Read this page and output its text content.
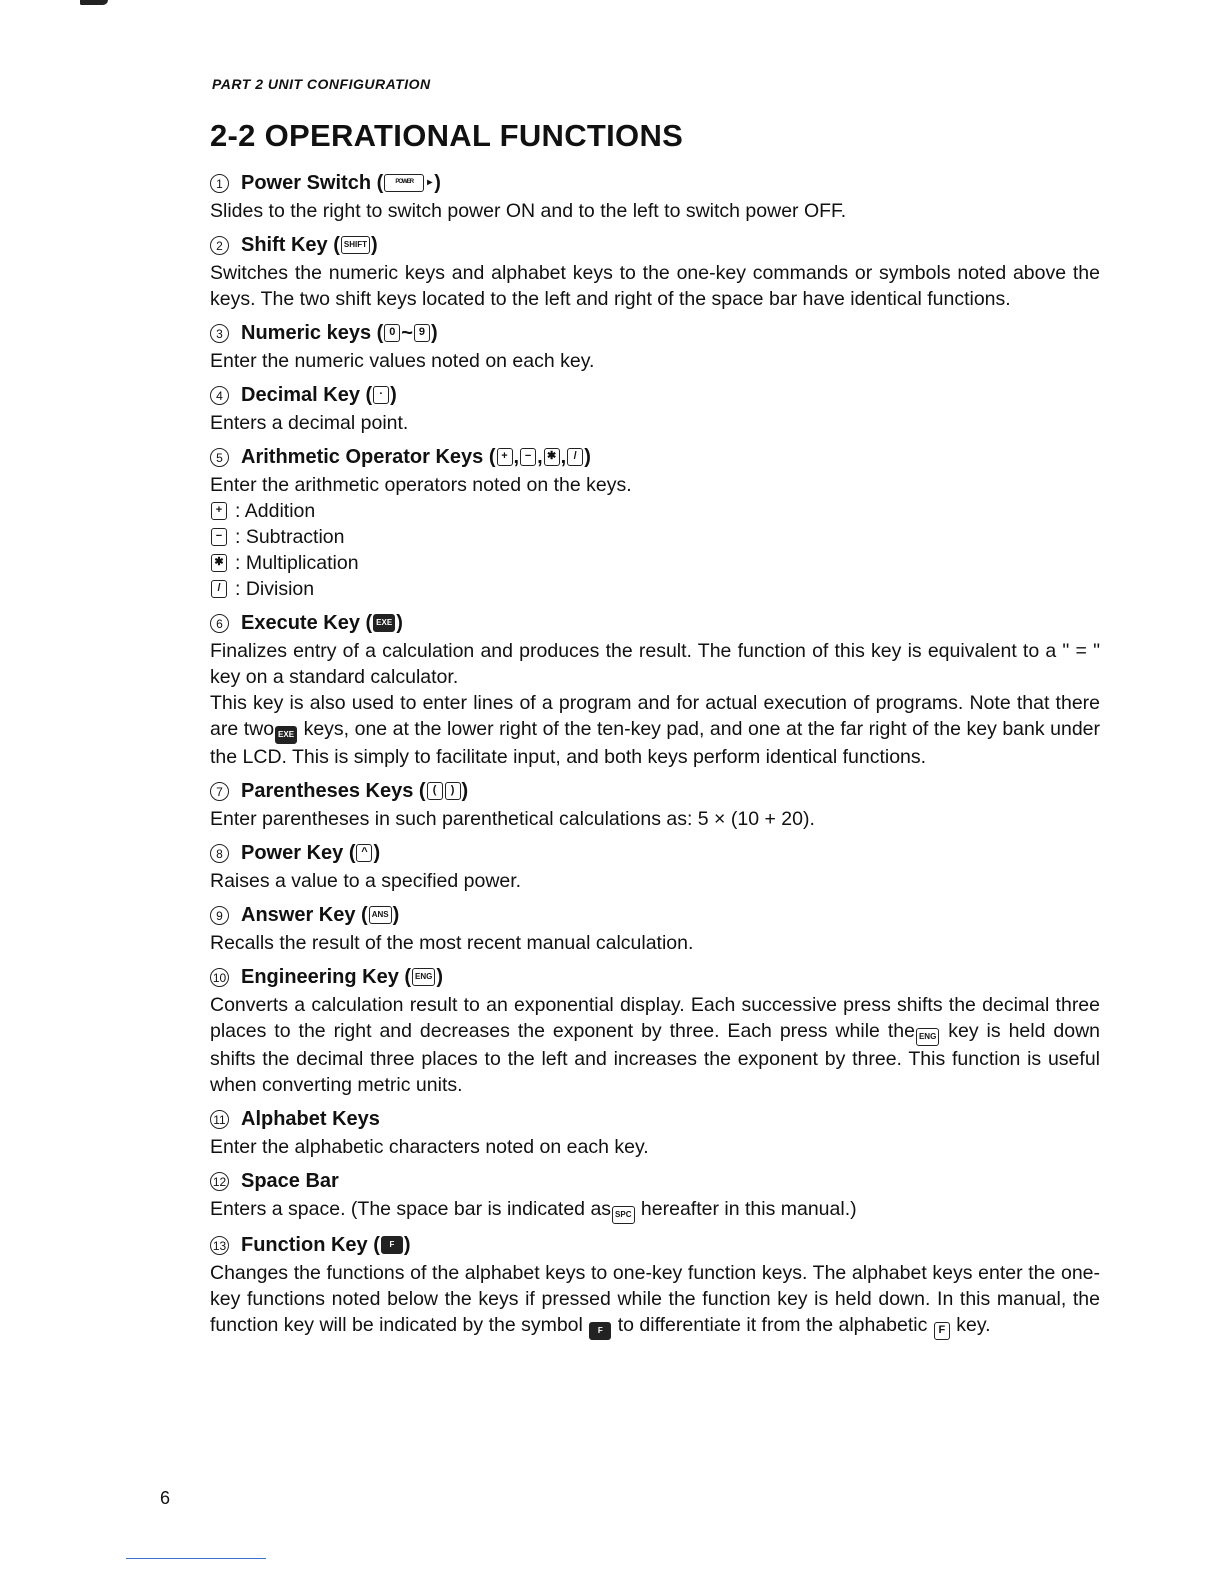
PART 2 UNIT CONFIGURATION
2-2 OPERATIONAL FUNCTIONS
1 Power Switch (	POWER	▸ )

Slides to the right to switch power ON and to the left to switch power OFF.

2 Shift Key ( SHIFT )

Switches the numeric keys and alphabet keys to the one-key commands or symbols noted above the keys. The two shift keys located to the left and right of the space bar have identical functions.

3 Numeric keys ( 0 ~ 9 )

Enter the numeric values noted on each key.

4 Decimal Key ( · )

Enters a decimal point.

5 Arithmetic Operator Keys ( + , − , ✱ , / )

Enter the arithmetic operators noted on the keys.

+ : Addition
− : Subtraction
✱ : Multiplication
/ : Division
6 Execute Key ( EXE )

Finalizes entry of a calculation and produces the result. The function of this key is equivalent to a " = " key on a standard calculator.

This key is also used to enter lines of a program and for actual execution of programs. Note that there are two EXE keys, one at the lower right of the ten-key pad, and one at the far right of the key bank under the LCD. This is simply to facilitate input, and both keys perform identical functions.

7 Parentheses Keys ( (	) )

Enter parentheses in such parenthetical calculations as: 5 × (10 + 20).

8 Power Key ( ^ )

Raises a value to a specified power.

9 Answer Key ( ANS )

Recalls the result of the most recent manual calculation.

10 Engineering Key ( ENG )

Converts a calculation result to an exponential display. Each successive press shifts the decimal three places to the right and decreases the exponent by three. Each press while the ENG key is held down shifts the decimal three places to the left and increases the exponent by three. This function is useful when converting metric units.

11 Alphabet Keys

Enter the alphabetic characters noted on each key.

12 Space Bar

Enters a space. (The space bar is indicated as SPC hereafter in this manual.)

13 Function Key (	F )

Changes the functions of the alphabet keys to one-key function keys. The alphabet keys enter the one-key functions noted below the keys if pressed while the function key is held down. In this manual, the function key will be indicated by the symbol F to differentiate it from the alphabetic F key.

6
